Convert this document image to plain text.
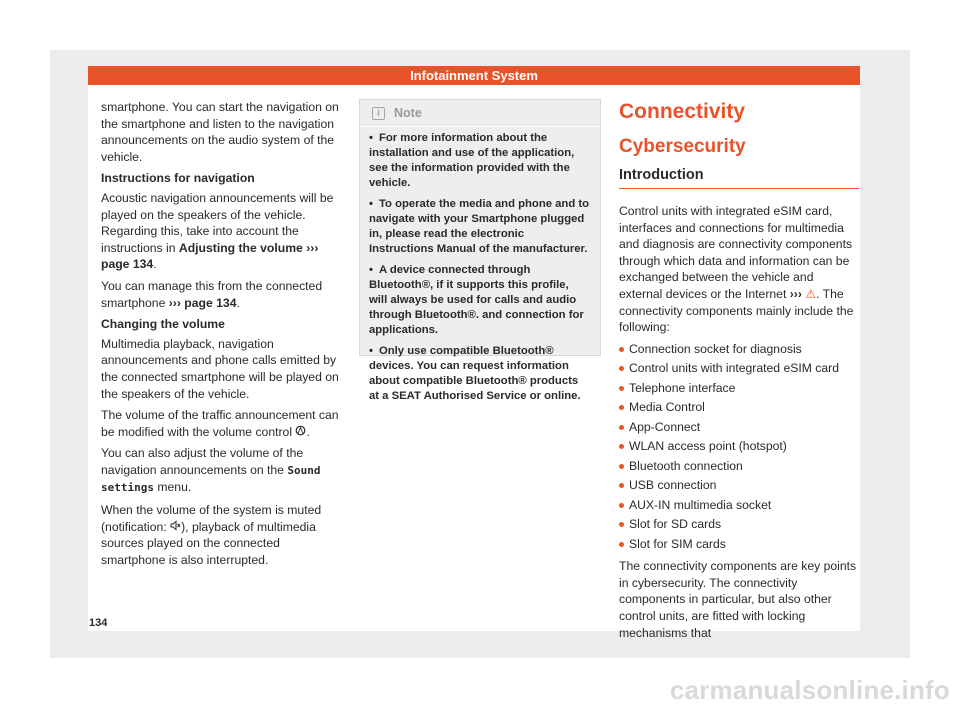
Infotainment System

smartphone. You can start the navigation on the smartphone and listen to the navigation announcements on the audio system of the vehicle.

Instructions for navigation

Acoustic navigation announcements will be played on the speakers of the vehicle. Regarding this, take into account the instructions in Adjusting the volume ››› page 134.

You can manage this from the connected smartphone ››› page 134.

Changing the volume

Multimedia playback, navigation announcements and phone calls emitted by the connected smartphone will be played on the speakers of the vehicle.

The volume of the traffic announcement can be modified with the volume control .

You can also adjust the volume of the navigation announcements on the Sound settings menu.

When the volume of the system is muted (notification: ), playback of multimedia sources played on the connected smartphone is also interrupted.

i	Note

• For more information about the installation and use of the application, see the information provided with the vehicle.

• To operate the media and phone and to navigate with your Smartphone plugged in, please read the electronic Instructions Manual of the manufacturer.

• A device connected through Bluetooth®, if it supports this profile, will always be used for calls and audio through Bluetooth®. and connection for applications.

• Only use compatible Bluetooth® devices. You can request information about compatible Bluetooth® products at a SEAT Authorised Service or online.

Connectivity

Cybersecurity

Introduction

Control units with integrated eSIM card, interfaces and connections for multimedia and diagnosis are connectivity components through which data and information can be exchanged between the vehicle and external devices or the Internet ››› ⚠. The connectivity components mainly include the following:

Connection socket for diagnosis
Control units with integrated eSIM card
Telephone interface
Media Control
App-Connect
WLAN access point (hotspot)
Bluetooth connection
USB connection
AUX-IN multimedia socket
Slot for SD cards
Slot for SIM cards

The connectivity components are key points in cybersecurity. The connectivity components in particular, but also other control units, are fitted with locking mechanisms that

134
carmanualsonline.info
